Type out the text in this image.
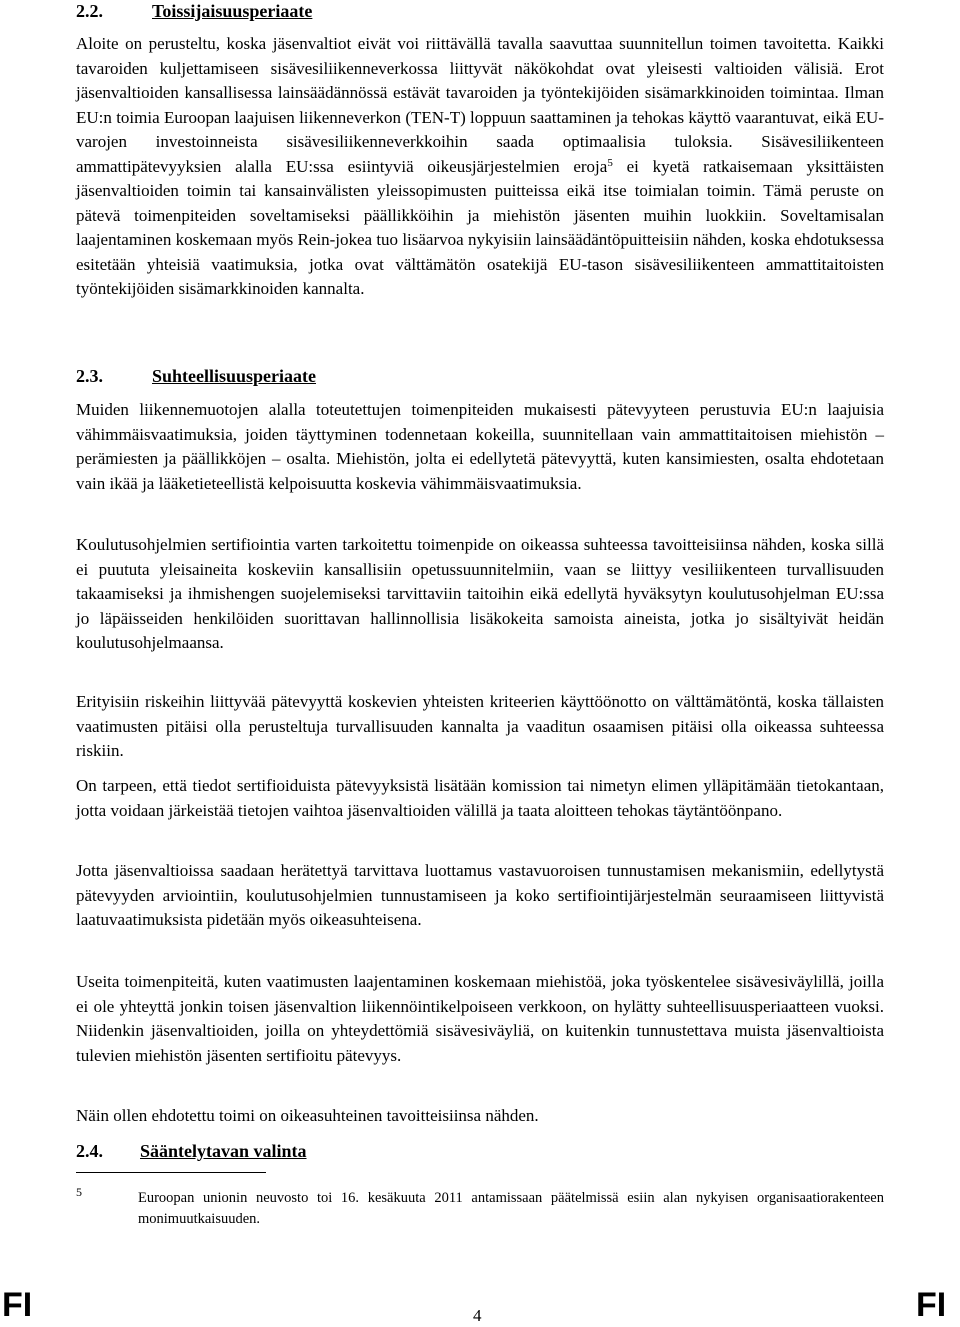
2.2.	Toissijaisuusperiaate

Aloite on perusteltu, koska jäsenvaltiot eivät voi riittävällä tavalla saavuttaa suunnitellun toimen tavoitetta. Kaikki tavaroiden kuljettamiseen sisävesiliikenneverkossa liittyvät näkökohdat ovat yleisesti valtioiden välisiä. Erot jäsenvaltioiden kansallisessa lainsäädännössä estävät tavaroiden ja työntekijöiden sisämarkkinoiden toimintaa. Ilman EU:n toimia Euroopan laajuisen liikenneverkon (TEN-T) loppuun saattaminen ja tehokas käyttö vaarantuvat, eikä EU-varojen investoinneista sisävesiliikenneverkkoihin saada optimaalisia tuloksia. Sisävesiliikenteen ammattipätevyyksien alalla EU:ssa esiintyviä oikeusjärjestelmien eroja$^5$ ei kyetä ratkaisemaan yksittäisten jäsenvaltioiden toimin tai kansainvälisten yleissopimusten puitteissa eikä itse toimialan toimin. Tämä peruste on pätevä toimenpiteiden soveltamiseksi päällikköihin ja miehistön jäsenten muihin luokkiin. Soveltamisalan laajentaminen koskemaan myös Rein-jokea tuo lisäarvoa nykyisiin lainsäädäntöpuitteisiin nähden, koska ehdotuksessa esitetään yhteisiä vaatimuksia, jotka ovat välttämätön osatekijä EU-tason sisävesiliikenteen ammattitaitoisten työntekijöiden sisämarkkinoiden kannalta.

2.3.	Suhteellisuusperiaate

Muiden liikennemuotojen alalla toteutettujen toimenpiteiden mukaisesti pätevyyteen perustuvia EU:n laajuisia vähimmäisvaatimuksia, joiden täyttyminen todennetaan kokeilla, suunnitellaan vain ammattitaitoisen miehistön – perämiesten ja päällikköjen – osalta. Miehistön, jolta ei edellytetä pätevyyttä, kuten kansimiesten, osalta ehdotetaan vain ikää ja lääketieteellistä kelpoisuutta koskevia vähimmäisvaatimuksia.

Koulutusohjelmien sertifiointia varten tarkoitettu toimenpide on oikeassa suhteessa tavoitteisiinsa nähden, koska sillä ei puututa yleisaineita koskeviin kansallisiin opetussuunnitelmiin, vaan se liittyy vesiliikenteen turvallisuuden takaamiseksi ja ihmishengen suojelemiseksi tarvittaviin taitoihin eikä edellytä hyväksytyn koulutusohjelman EU:ssa jo läpäisseiden henkilöiden suorittavan hallinnollisia lisäkokeita samoista aineista, jotka jo sisältyivät heidän koulutusohjelmaansa.

Erityisiin riskeihin liittyvää pätevyyttä koskevien yhteisten kriteerien käyttöönotto on välttämätöntä, koska tällaisten vaatimusten pitäisi olla perusteltuja turvallisuuden kannalta ja vaaditun osaamisen pitäisi olla oikeassa suhteessa riskiin.

On tarpeen, että tiedot sertifioiduista pätevyyksistä lisätään komission tai nimetyn elimen ylläpitämään tietokantaan, jotta voidaan järkeistää tietojen vaihtoa jäsenvaltioiden välillä ja taata aloitteen tehokas täytäntöönpano.

Jotta jäsenvaltioissa saadaan herätettyä tarvittava luottamus vastavuoroisen tunnustamisen mekanismiin, edellytystä pätevyyden arviointiin, koulutusohjelmien tunnustamiseen ja koko sertifiointijärjestelmän seuraamiseen liittyvistä laatuvaatimuksista pidetään myös oikeasuhteisena.

Useita toimenpiteitä, kuten vaatimusten laajentaminen koskemaan miehistöä, joka työskentelee sisävesiväylillä, joilla ei ole yhteyttä jonkin toisen jäsenvaltion liikennöintikelpoiseen verkkoon, on hylätty suhteellisuusperiaatteen vuoksi. Niidenkin jäsenvaltioiden, joilla on yhteydettömiä sisävesiväyliä, on kuitenkin tunnustettava muista jäsenvaltioista tulevien miehistön jäsenten sertifioitu pätevyys.

Näin ollen ehdotettu toimi on oikeasuhteinen tavoitteisiinsa nähden.

2.4. Sääntelytavan valinta
5	Euroopan unionin neuvosto toi 16. kesäkuuta 2011 antamissaan päätelmissä esiin alan nykyisen organisaatiorakenteen monimuutkaisuuden.

FI	4	FI
